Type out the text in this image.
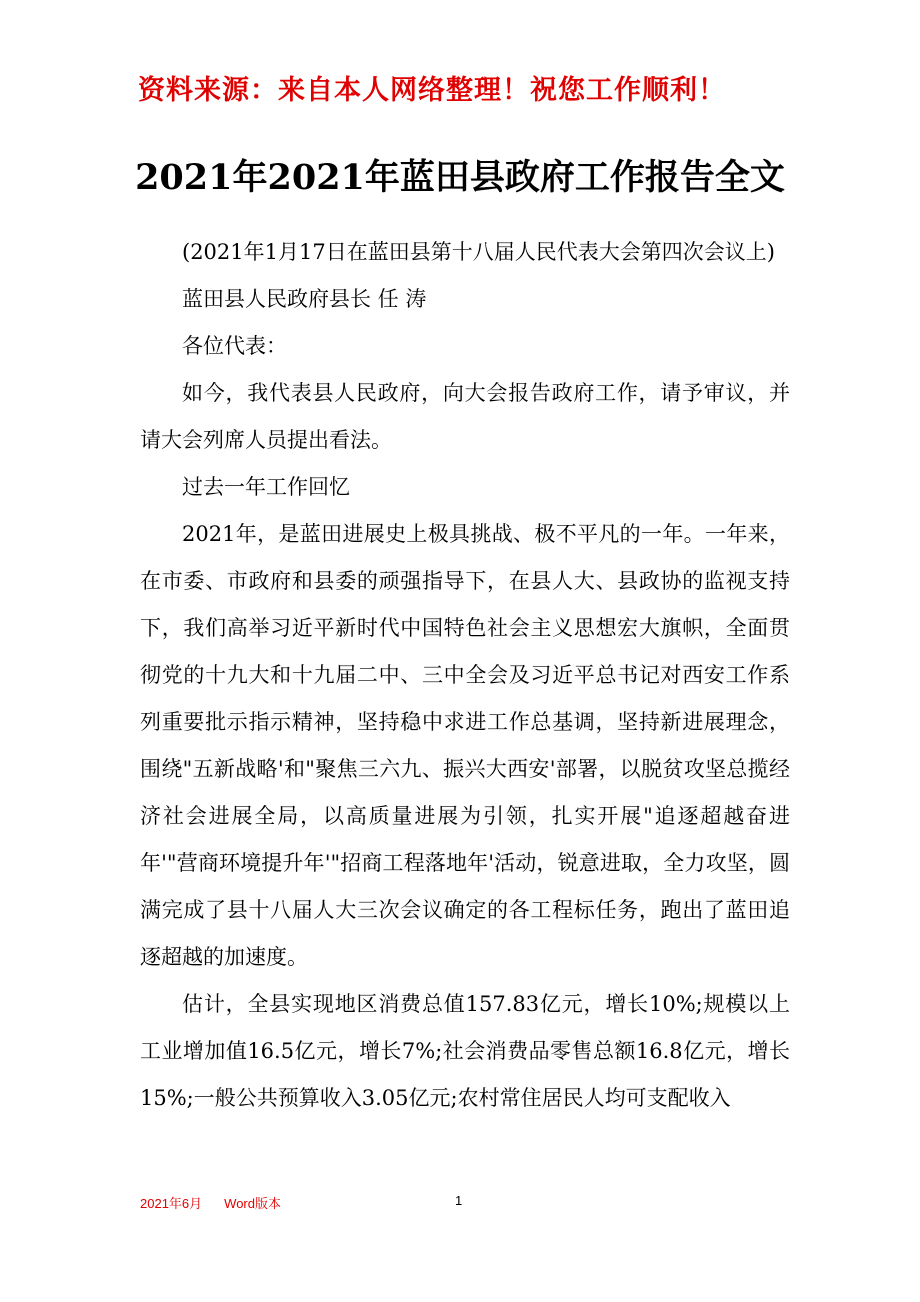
资料来源：来自本人网络整理！祝您工作顺利！
2021年2021年蓝田县政府工作报告全文

(2021年1月17日在蓝田县第十八届人民代表大会第四次会议上)

蓝田县人民政府县长 任 涛

各位代表：

如今，我代表县人民政府，向大会报告政府工作，请予审议，并请大会列席人员提出看法。

过去一年工作回忆

2021年，是蓝田进展史上极具挑战、极不平凡的一年。一年来，在市委、市政府和县委的顽强指导下，在县人大、县政协的监视支持下，我们高举习近平新时代中国特色社会主义思想宏大旗帜，全面贯彻党的十九大和十九届二中、三中全会及习近平总书记对西安工作系列重要批示指示精神，坚持稳中求进工作总基调，坚持新进展理念，围绕"五新战略'和"聚焦三六九、振兴大西安'部署，以脱贫攻坚总揽经济社会进展全局，以高质量进展为引领，扎实开展"追逐超越奋进年'"营商环境提升年'"招商工程落地年'活动，锐意进取，全力攻坚，圆满完成了县十八届人大三次会议确定的各工程标任务，跑出了蓝田追逐超越的加速度。

估计，全县实现地区消费总值157.83亿元，增长10%;规模以上工业增加值16.5亿元，增长7%;社会消费品零售总额16.8亿元，增长15%;一般公共预算收入3.05亿元;农村常住居民人均可支配收入

2021年6月 Word版本	1
